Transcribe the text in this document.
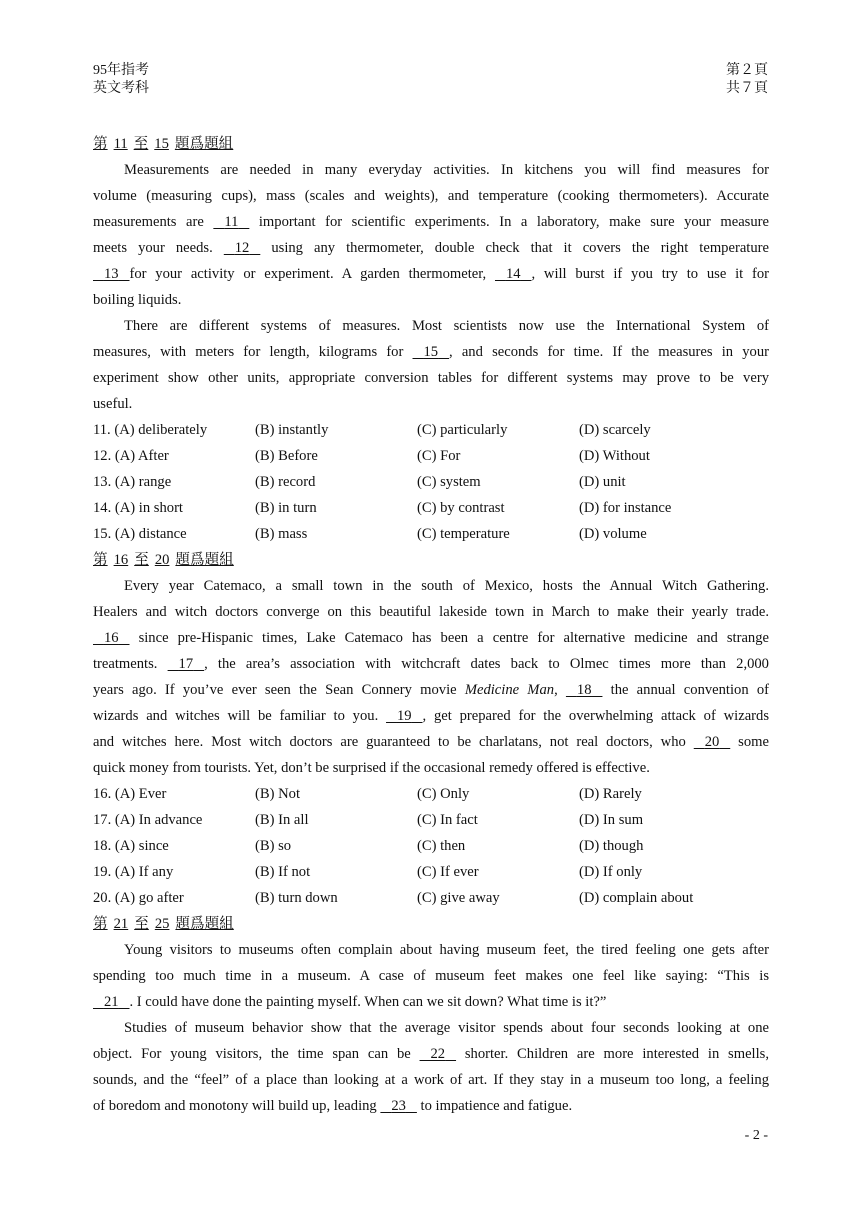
95年指考
英文考科
第２頁
共７頁
第 11 至 15 題爲題組
Measurements are needed in many everyday activities. In kitchens you will find measures for
volume (measuring cups), mass (scales and weights), and temperature (cooking thermometers). Accurate
measurements are 11 important for scientific experiments. In a laboratory, make sure your measure
meets your needs. 12 using any thermometer, double check that it covers the right temperature
13 for your activity or experiment. A garden thermometer, 14 , will burst if you try to use it for
boiling liquids.
There are different systems of measures. Most scientists now use the International System of
measures, with meters for length, kilograms for 15 , and seconds for time. If the measures in your
experiment show other units, appropriate conversion tables for different systems may prove to be very
useful.
11. (A) deliberately	(B) instantly	(C) particularly	(D) scarcely
12. (A) After	(B) Before	(C) For	(D) Without
13. (A) range	(B) record	(C) system	(D) unit
14. (A) in short	(B) in turn	(C) by contrast	(D) for instance
15. (A) distance	(B) mass	(C) temperature	(D) volume
第 16 至 20 題爲題組
Every year Catemaco, a small town in the south of Mexico, hosts the Annual Witch Gathering.
Healers and witch doctors converge on this beautiful lakeside town in March to make their yearly trade.
16 since pre-Hispanic times, Lake Catemaco has been a centre for alternative medicine and strange
treatments. 17 , the area’s association with witchcraft dates back to Olmec times more than 2,000
years ago. If you’ve ever seen the Sean Connery movie Medicine Man, 18 the annual convention of
wizards and witches will be familiar to you. 19 , get prepared for the overwhelming attack of wizards
and witches here. Most witch doctors are guaranteed to be charlatans, not real doctors, who 20 some
quick money from tourists. Yet, don’t be surprised if the occasional remedy offered is effective.
16. (A) Ever	(B) Not	(C) Only	(D) Rarely
17. (A) In advance	(B) In all	(C) In fact	(D) In sum
18. (A) since	(B) so	(C) then	(D) though
19. (A) If any	(B) If not	(C) If ever	(D) If only
20. (A) go after	(B) turn down	(C) give away	(D) complain about
第 21 至 25 題爲題組
Young visitors to museums often complain about having museum feet, the tired feeling one gets after
spending too much time in a museum. A case of museum feet makes one feel like saying: “This is
21 . I could have done the painting myself. When can we sit down? What time is it?”
Studies of museum behavior show that the average visitor spends about four seconds looking at one
object. For young visitors, the time span can be 22 shorter. Children are more interested in smells,
sounds, and the “feel” of a place than looking at a work of art. If they stay in a museum too long, a feeling
of boredom and monotony will build up, leading 23 to impatience and fatigue.
- 2 -
